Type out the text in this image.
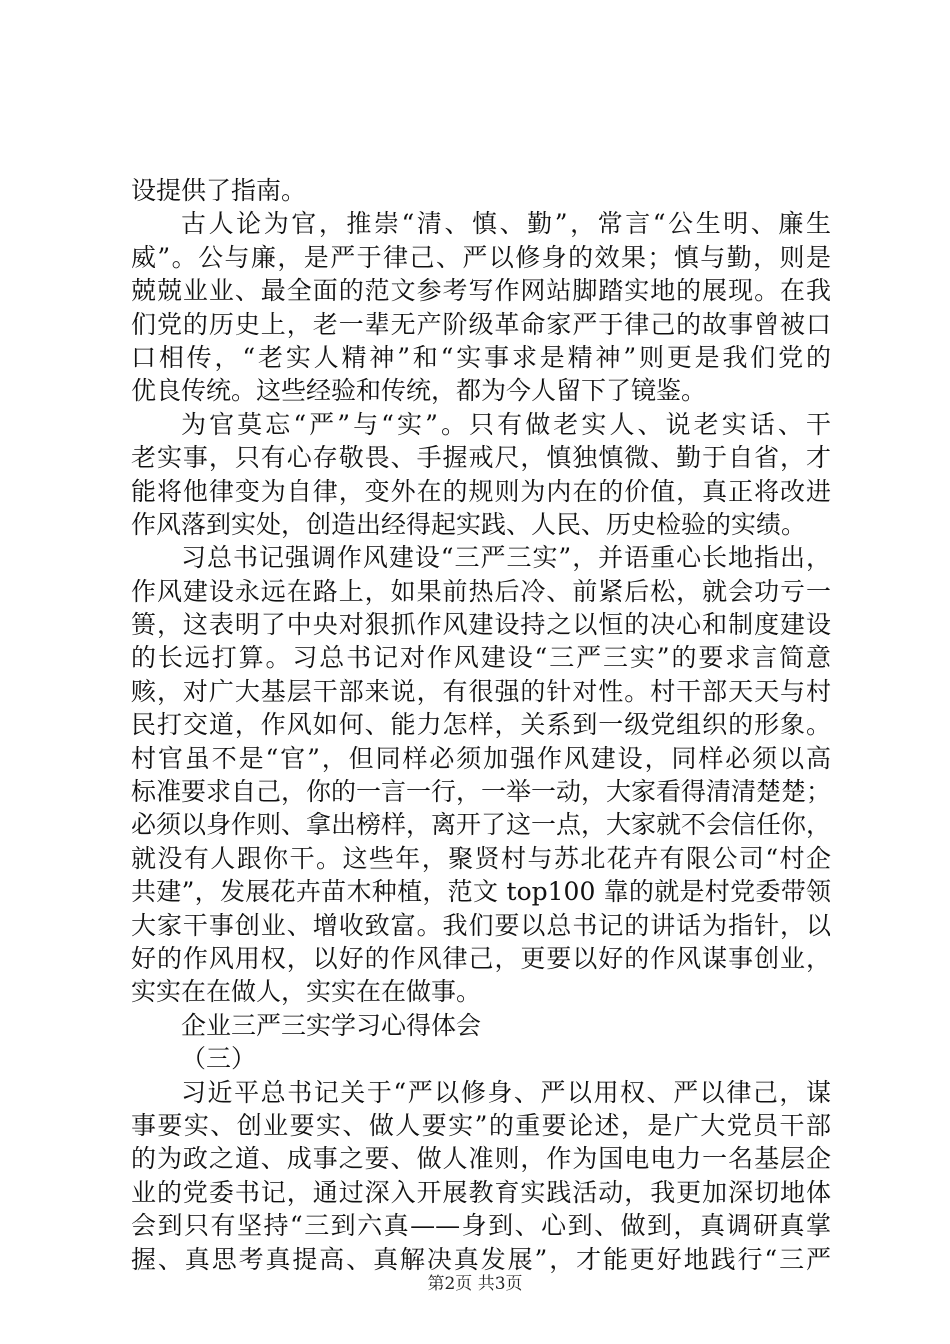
设提供了指南。
古人论为官，推崇“清、慎、勤”，常言“公生明、廉生
威”。公与廉，是严于律己、严以修身的效果；慎与勤，则是
兢兢业业、最全面的范文参考写作网站脚踏实地的展现。在我
们党的历史上，老一辈无产阶级革命家严于律己的故事曾被口
口相传，“老实人精神”和“实事求是精神”则更是我们党的
优良传统。这些经验和传统，都为今人留下了镜鉴。
为官莫忘“严”与“实”。只有做老实人、说老实话、干
老实事，只有心存敬畏、手握戒尺，慎独慎微、勤于自省，才
能将他律变为自律，变外在的规则为内在的价值，真正将改进
作风落到实处，创造出经得起实践、人民、历史检验的实绩。
习总书记强调作风建设“三严三实”，并语重心长地指出，
作风建设永远在路上，如果前热后冷、前紧后松，就会功亏一
篑，这表明了中央对狠抓作风建设持之以恒的决心和制度建设
的长远打算。习总书记对作风建设“三严三实”的要求言简意
赅，对广大基层干部来说，有很强的针对性。村干部天天与村
民打交道，作风如何、能力怎样，关系到一级党组织的形象。
村官虽不是“官”，但同样必须加强作风建设，同样必须以高
标准要求自己，你的一言一行，一举一动，大家看得清清楚楚；
必须以身作则、拿出榜样，离开了这一点，大家就不会信任你，
就没有人跟你干。这些年，聚贤村与苏北花卉有限公司“村企
共建”，发展花卉苗木种植，范文 top100 靠的就是村党委带领
大家干事创业、增收致富。我们要以总书记的讲话为指针，以
好的作风用权，以好的作风律己，更要以好的作风谋事创业，
实实在在做人，实实在在做事。
企业三严三实学习心得体会
（三）
习近平总书记关于“严以修身、严以用权、严以律己，谋
事要实、创业要实、做人要实”的重要论述，是广大党员干部
的为政之道、成事之要、做人准则，作为国电电力一名基层企
业的党委书记，通过深入开展教育实践活动，我更加深切地体
会到只有坚持“三到六真——身到、心到、做到，真调研真掌
握、真思考真提高、真解决真发展”，才能更好地践行“三严
第2页 共3页
